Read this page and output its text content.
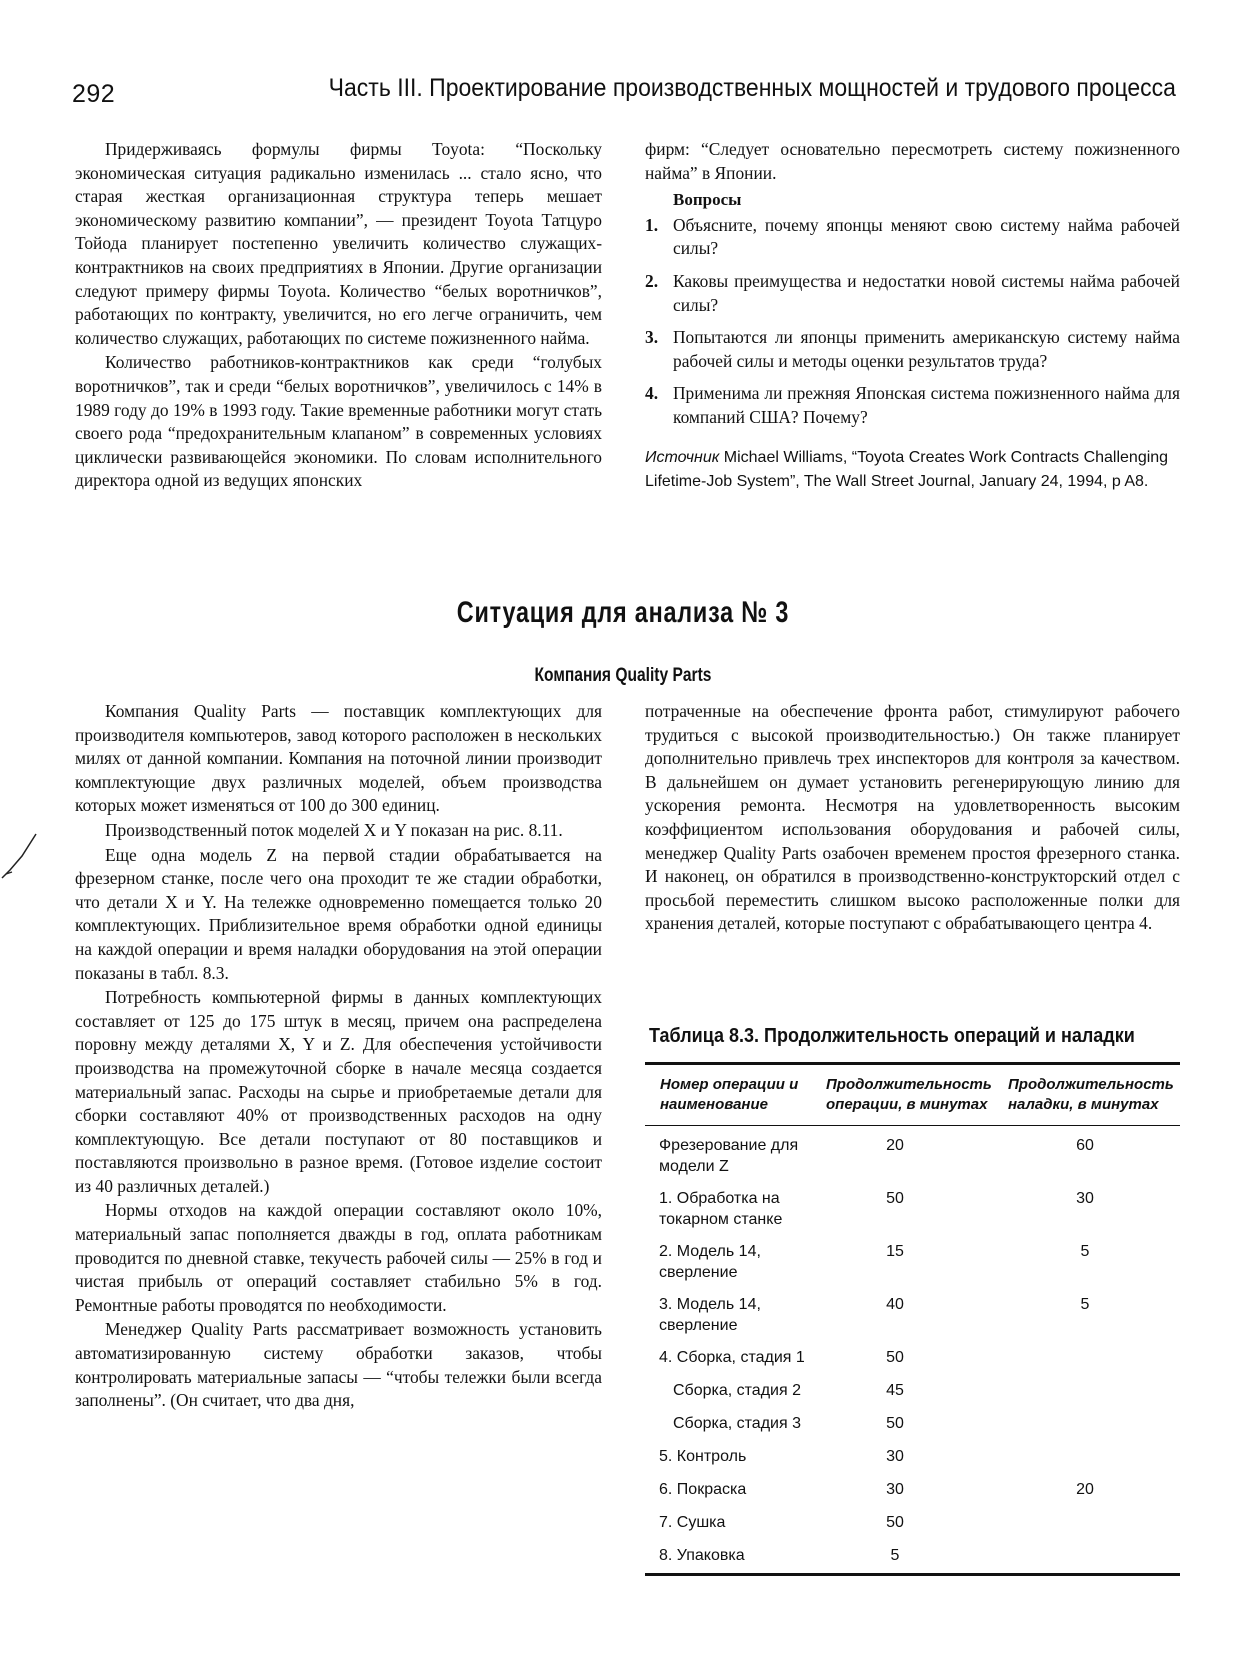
292	Часть III. Проектирование производственных мощностей и трудового процесса

Придерживаясь формулы фирмы Toyota: “Поскольку экономическая ситуация радикально изменилась ... стало ясно, что старая жесткая организационная структура теперь мешает экономическому развитию компании”, — президент Toyota Татцуро Тойода планирует постепенно увеличить количество служащих-контрактников на своих предприятиях в Японии. Другие организации следуют примеру фирмы Toyota. Количество “белых воротничков”, работающих по контракту, увеличится, но его легче ограничить, чем количество служащих, работающих по системе пожизненного найма.

Количество работников-контрактников как среди “голубых воротничков”, так и среди “белых воротничков”, увеличилось с 14% в 1989 году до 19% в 1993 году. Такие временные работники могут стать своего рода “предохранительным клапаном” в современных условиях циклически развивающейся экономики. По словам исполнительного директора одной из ведущих японских

фирм: “Следует основательно пересмотреть систему пожизненного найма” в Японии.

Вопросы
1. Объясните, почему японцы меняют свою систему найма рабочей силы?
2. Каковы преимущества и недостатки новой системы найма рабочей силы?
3. Попытаются ли японцы применить американскую систему найма рабочей силы и методы оценки результатов труда?
4. Применима ли прежняя Японская система пожизненного найма для компаний США? Почему?
Источник Michael Williams, “Toyota Creates Work Contracts Challenging Lifetime-Job System”, The Wall Street Journal, January 24, 1994, p A8.
Ситуация для анализа № 3
Компания Quality Parts

Компания Quality Parts — поставщик комплектующих для производителя компьютеров, завод которого расположен в нескольких милях от данной компании. Компания на поточной линии производит комплектующие двух различных моделей, объем производства которых может изменяться от 100 до 300 единиц.

Производственный поток моделей X и Y показан на рис. 8.11.

Еще одна модель Z на первой стадии обрабатывается на фрезерном станке, после чего она проходит те же стадии обработки, что детали X и Y. На тележке одновременно помещается только 20 комплектующих. Приблизительное время обработки одной единицы на каждой операции и время наладки оборудования на этой операции показаны в табл. 8.3.

Потребность компьютерной фирмы в данных комплектующих составляет от 125 до 175 штук в месяц, причем она распределена поровну между деталями X, Y и Z. Для обеспечения устойчивости производства на промежуточной сборке в начале месяца создается материальный запас. Расходы на сырье и приобретаемые детали для сборки составляют 40% от производственных расходов на одну комплектующую. Все детали поступают от 80 поставщиков и поставляются произвольно в разное время. (Готовое изделие состоит из 40 различных деталей.)

Нормы отходов на каждой операции составляют около 10%, материальный запас пополняется дважды в год, оплата работникам проводится по дневной ставке, текучесть рабочей силы — 25% в год и чистая прибыль от операций составляет стабильно 5% в год. Ремонтные работы проводятся по необходимости.

Менеджер Quality Parts рассматривает возможность установить автоматизированную систему обработки заказов, чтобы контролировать материальные запасы — “чтобы тележки были всегда заполнены”. (Он считает, что два дня,

потраченные на обеспечение фронта работ, стимулируют рабочего трудиться с высокой производительностью.) Он также планирует дополнительно привлечь трех инспекторов для контроля за качеством. В дальнейшем он думает установить регенерирующую линию для ускорения ремонта. Несмотря на удовлетворенность высоким коэффициентом использования оборудования и рабочей силы, менеджер Quality Parts озабочен временем простоя фрезерного станка. И наконец, он обратился в производственно-конструкторский отдел с просьбой переместить слишком высоко расположенные полки для хранения деталей, которые поступают с обрабатывающего центра 4.

Таблица 8.3. Продолжительность операций и наладки
Номер операции и наименование
Продолжительность операции, в минутах
Продолжительность наладки, в минутах
Фрезерование для модели Z
20	60
1. Обработка на токарном станке
50	30
2. Модель 14, сверление
15	5
3. Модель 14, сверление
40	5
4. Сборка, стадия 1	50
Сборка, стадия 2	45
Сборка, стадия 3	50
5. Контроль	30
6. Покраска	30	20
7. Сушка	50
8. Упаковка	5
